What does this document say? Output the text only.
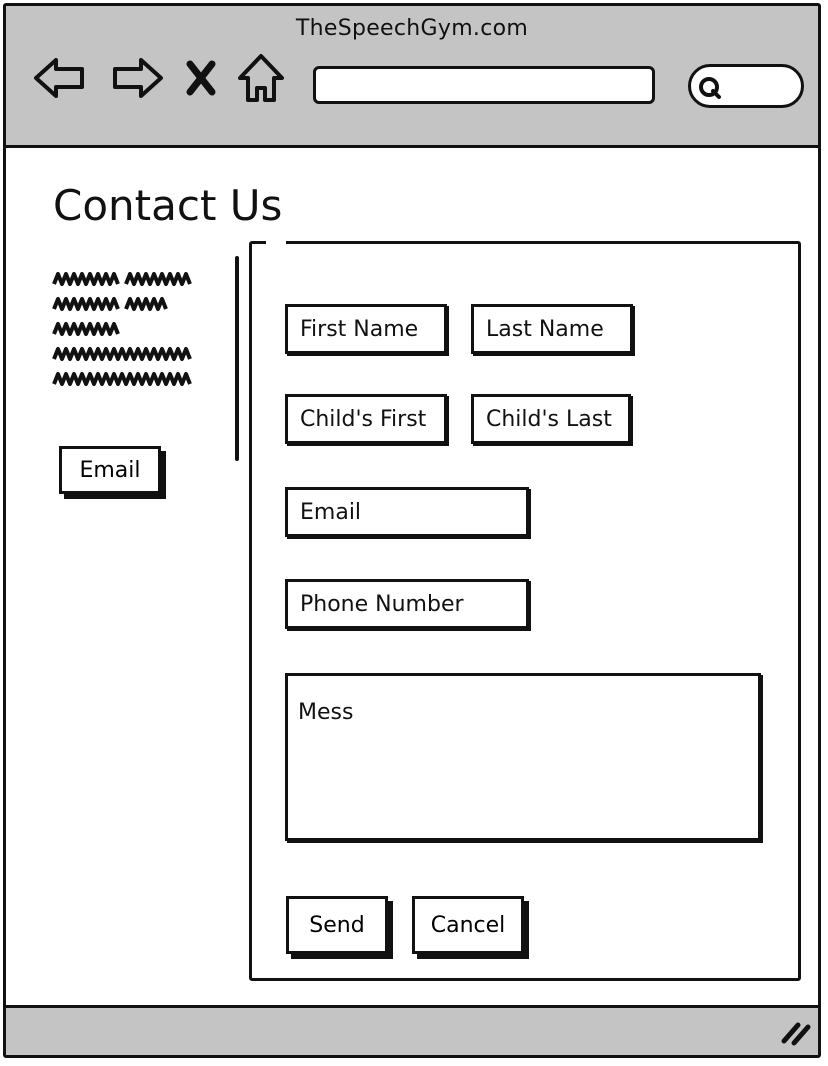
TheSpeechGym.com
Contact Us
Email
First Name
Last Name
Child's First
Child's Last
Email
Phone Number
Mess
Send	Cancel
